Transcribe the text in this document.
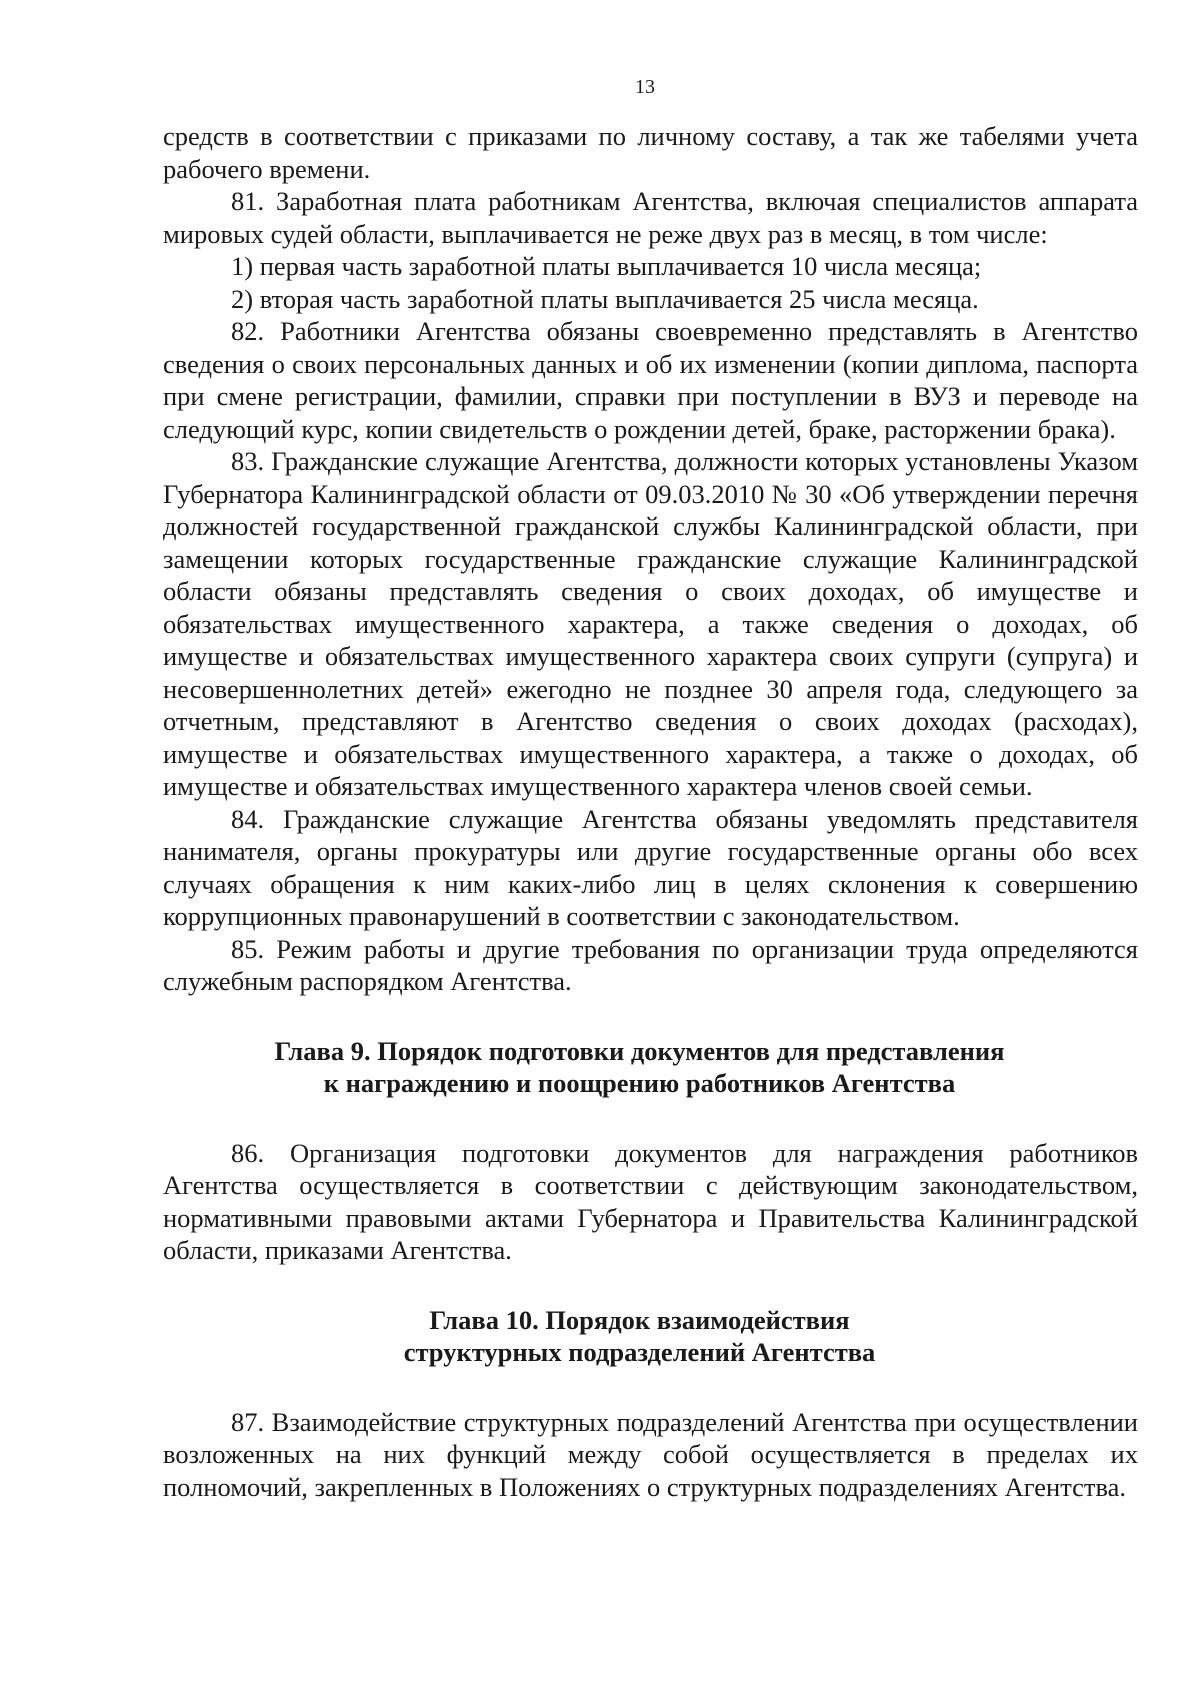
13

средств в соответствии с приказами по личному составу, а так же табелями учета рабочего времени.

81. Заработная плата работникам Агентства, включая специалистов аппарата мировых судей области, выплачивается не реже двух раз в месяц, в том числе:

1) первая часть заработной платы выплачивается 10 числа месяца;

2) вторая часть заработной платы выплачивается 25 числа месяца.

82. Работники Агентства обязаны своевременно представлять в Агентство сведения о своих персональных данных и об их изменении (копии диплома, паспорта при смене регистрации, фамилии, справки при поступлении в ВУЗ и переводе на следующий курс, копии свидетельств о рождении детей, браке, расторжении брака).

83. Гражданские служащие Агентства, должности которых установлены Указом Губернатора Калининградской области от 09.03.2010 № 30 «Об утверждении перечня должностей государственной гражданской службы Калининградской области, при замещении которых государственные гражданские служащие Калининградской области обязаны представлять сведения о своих доходах, об имуществе и обязательствах имущественного характера, а также сведения о доходах, об имуществе и обязательствах имущественного характера своих супруги (супруга) и несовершеннолетних детей» ежегодно не позднее 30 апреля года, следующего за отчетным, представляют в Агентство сведения о своих доходах (расходах), имуществе и обязательствах имущественного характера, а также о доходах, об имуществе и обязательствах имущественного характера членов своей семьи.

84. Гражданские служащие Агентства обязаны уведомлять представителя нанимателя, органы прокуратуры или другие государственные органы обо всех случаях обращения к ним каких-либо лиц в целях склонения к совершению коррупционных правонарушений в соответствии с законодательством.

85. Режим работы и другие требования по организации труда определяются служебным распорядком Агентства.

Глава 9. Порядок подготовки документов для представления
к награждению и поощрению работников Агентства

86. Организация подготовки документов для награждения работников Агентства осуществляется в соответствии с действующим законодательством, нормативными правовыми актами Губернатора и Правительства Калининградской области, приказами Агентства.

Глава 10. Порядок взаимодействия
структурных подразделений Агентства

87. Взаимодействие структурных подразделений Агентства при осуществлении возложенных на них функций между собой осуществляется в пределах их полномочий, закрепленных в Положениях о структурных подразделениях Агентства.
